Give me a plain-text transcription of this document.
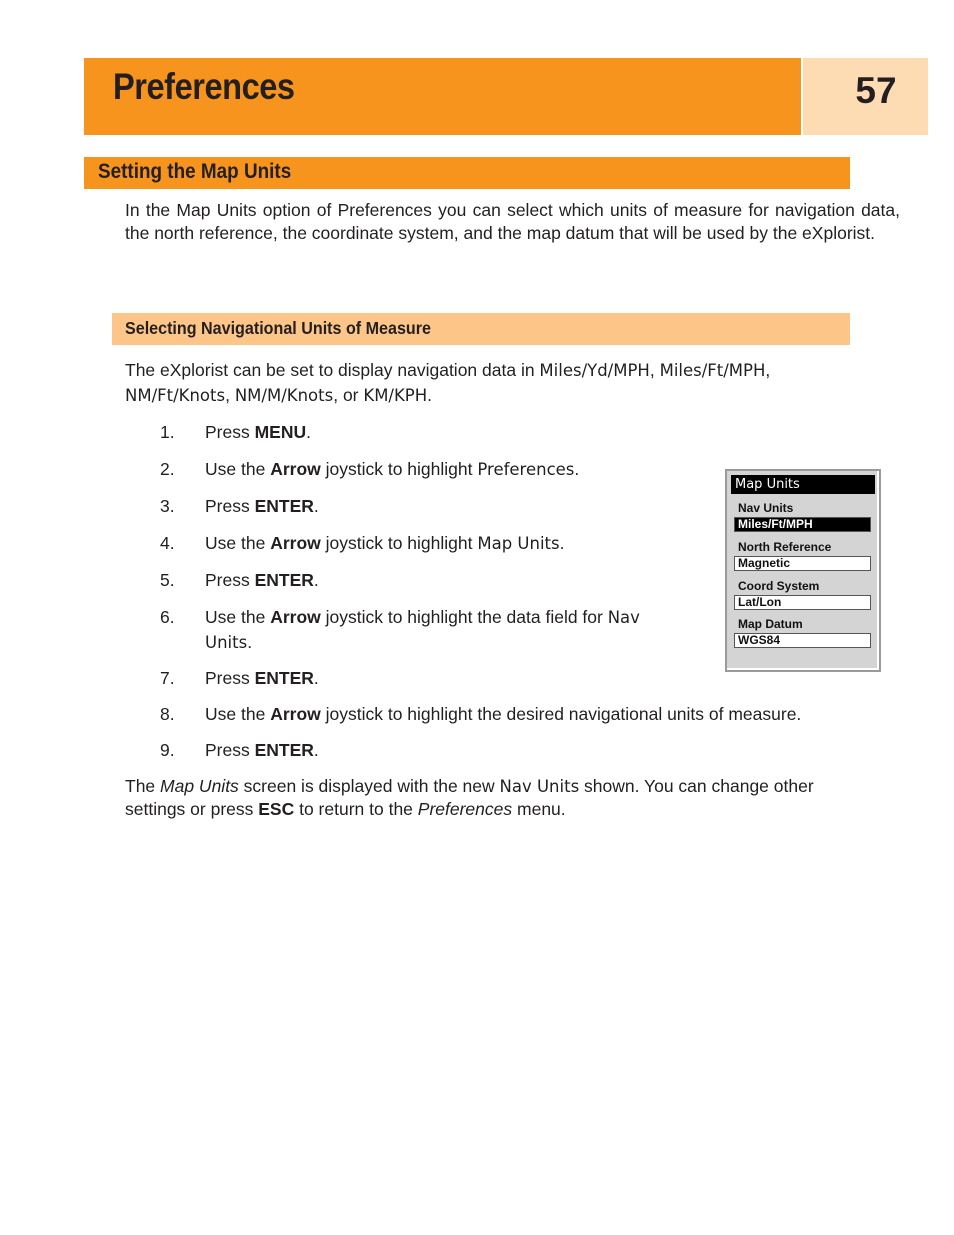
Preferences	57
Setting the Map Units
In the Map Units option of Preferences you can select which units of measure for navigation data, the north reference, the coordinate system, and the map datum that will be used by the eXplorist.
Selecting Navigational Units of Measure
The eXplorist can be set to display navigation data in Miles/Yd/MPH, Miles/Ft/MPH,
NM/Ft/Knots, NM/M/Knots, or KM/KPH.
1.	Press MENU.
2.	Use the Arrow joystick to highlight Preferences.
3.	Press ENTER.
4.	Use the Arrow joystick to highlight Map Units.
5.	Press ENTER.
6.	Use the Arrow joystick to highlight the data field for Nav
Units.
7.	Press ENTER.
8.	Use the Arrow joystick to highlight the desired navigational units of measure.
9.	Press ENTER.
The Map Units screen is displayed with the new Nav Units shown. You can change other
settings or press ESC to return to the Preferences menu.
Map Units
Nav Units
Miles/Ft/MPH
North Reference
Magnetic
Coord System
Lat/Lon
Map Datum
WGS84
